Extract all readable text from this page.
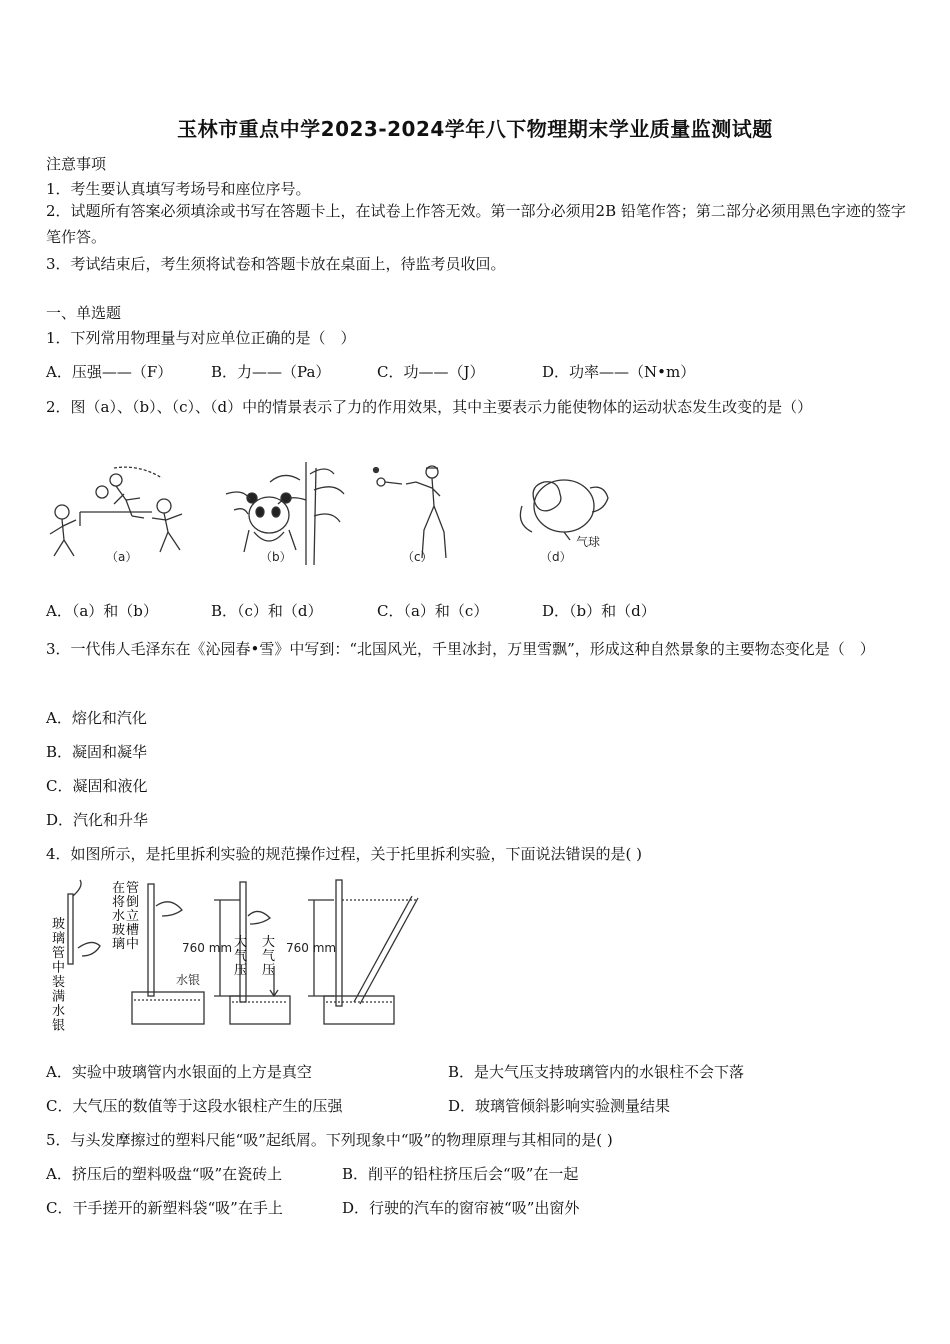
玉林市重点中学2023-2024学年八下物理期末学业质量监测试题
注意事项
1．考生要认真填写考场号和座位序号。
2．试题所有答案必须填涂或书写在答题卡上，在试卷上作答无效。第一部分必须用2B 铅笔作答；第二部分必须用黑色字迹的签字笔作答。
3．考试结束后，考生须将试卷和答题卡放在桌面上，待监考员收回。
一、单选题
1．下列常用物理量与对应单位正确的是（　）
A．压强——（F）	B．力——（Pa）	C．功——（J）	D．功率——（N•m）
2．图（a）、（b）、（c）、（d）中的情景表示了力的作用效果，其中主要表示力能使物体的运动状态发生改变的是（）
气球
（a）	（b）	（c）	（d）
A．（a）和（b）	B．（c）和（d）	C．（a）和（c）	D．（b）和（d）
3．一代伟人毛泽东在《沁园春•雪》中写到：“北国风光，千里冰封，万里雪飘”，形成这种自然景象的主要物态变化是（　）
A．熔化和汽化
B．凝固和凝华
C．凝固和液化
D．汽化和升华
4．如图所示，是托里拆利实验的规范操作过程，关于托里拆利实验，下面说法错误的是( )
玻璃管中装满水银
在将水玻璃管倒立槽中
水银
760 mm	760 mm
大气压
大气压
A．实验中玻璃管内水银面的上方是真空	B．是大气压支持玻璃管内的水银柱不会下落
C．大气压的数值等于这段水银柱产生的压强	D．玻璃管倾斜影响实验测量结果
5．与头发摩擦过的塑料尺能“吸”起纸屑。下列现象中“吸”的物理原理与其相同的是( )
A．挤压后的塑料吸盘“吸”在瓷砖上	B．削平的铅柱挤压后会“吸”在一起
C．干手搓开的新塑料袋“吸”在手上	D．行驶的汽车的窗帘被“吸”出窗外
